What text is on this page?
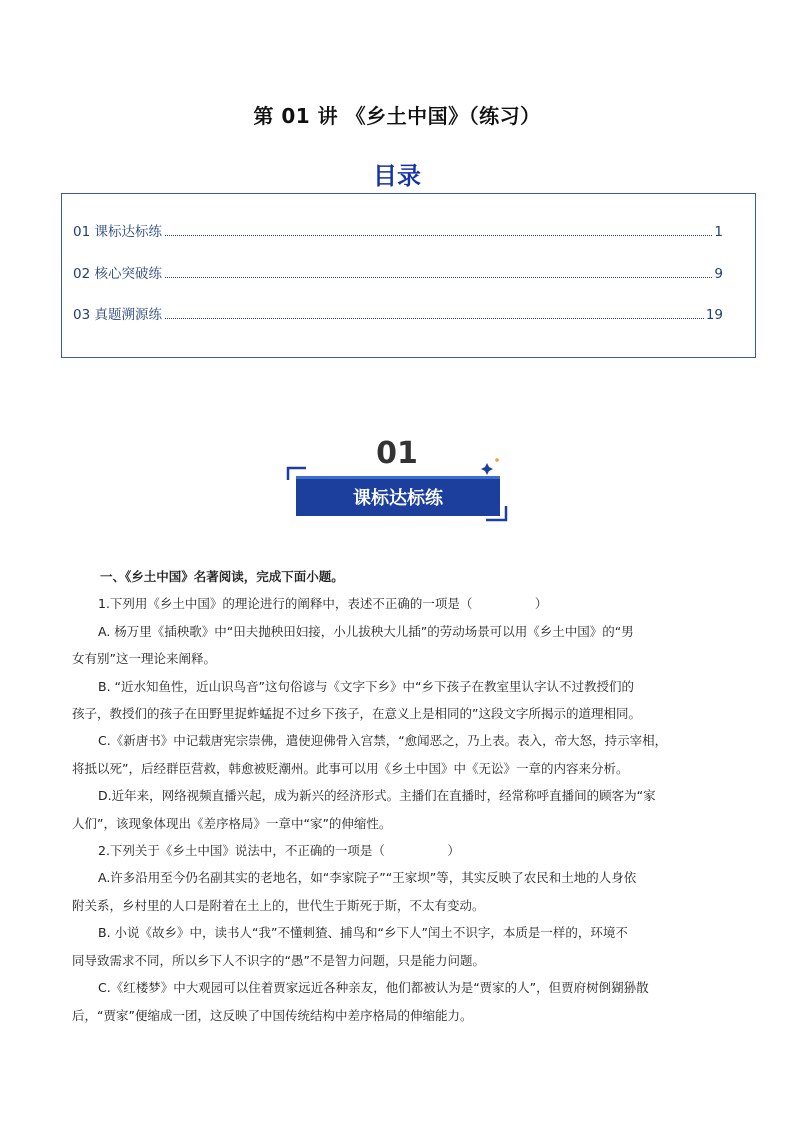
第 01 讲 《乡土中国》（练习）
目录
01 课标达标练	1
02 核心突破练	9
03 真题溯源练	19
01
课标达标练

一、《乡土中国》名著阅读，完成下面小题。

1.下列用《乡土中国》的理论进行的阐释中，表述不正确的一项是（　　　　　）

A. 杨万里《插秧歌》中“田夫抛秧田妇接，小儿拔秧大儿插”的劳动场景可以用《乡土中国》的“男

女有别”这一理论来阐释。

B. “近水知鱼性，近山识鸟音”这句俗谚与《文字下乡》中“乡下孩子在教室里认字认不过教授们的

孩子，教授们的孩子在田野里捉蚱蜢捉不过乡下孩子，在意义上是相同的”这段文字所揭示的道理相同。

C.《新唐书》中记载唐宪宗崇佛，遣使迎佛骨入宫禁，“愈闻恶之，乃上表。表入，帝大怒，持示宰相，

将抵以死”，后经群臣营救，韩愈被贬潮州。此事可以用《乡土中国》中《无讼》一章的内容来分析。

D.近年来，网络视频直播兴起，成为新兴的经济形式。主播们在直播时，经常称呼直播间的顾客为“家

人们”，该现象体现出《差序格局》一章中“家”的伸缩性。

2.下列关于《乡土中国》说法中，不正确的一项是（　　　　　）

A.许多沿用至今仍名副其实的老地名，如“李家院子”“王家坝”等，其实反映了农民和土地的人身依

附关系，乡村里的人口是附着在土上的，世代生于斯死于斯，不太有变动。

B. 小说《故乡》中，读书人“我”不懂刺猹、捕鸟和“乡下人”闰土不识字，本质是一样的，环境不

同导致需求不同，所以乡下人不识字的“愚”不是智力问题，只是能力问题。

C.《红楼梦》中大观园可以住着贾家远近各种亲友，他们都被认为是“贾家的人”，但贾府树倒猢狲散

后，“贾家”便缩成一团，这反映了中国传统结构中差序格局的伸缩能力。
